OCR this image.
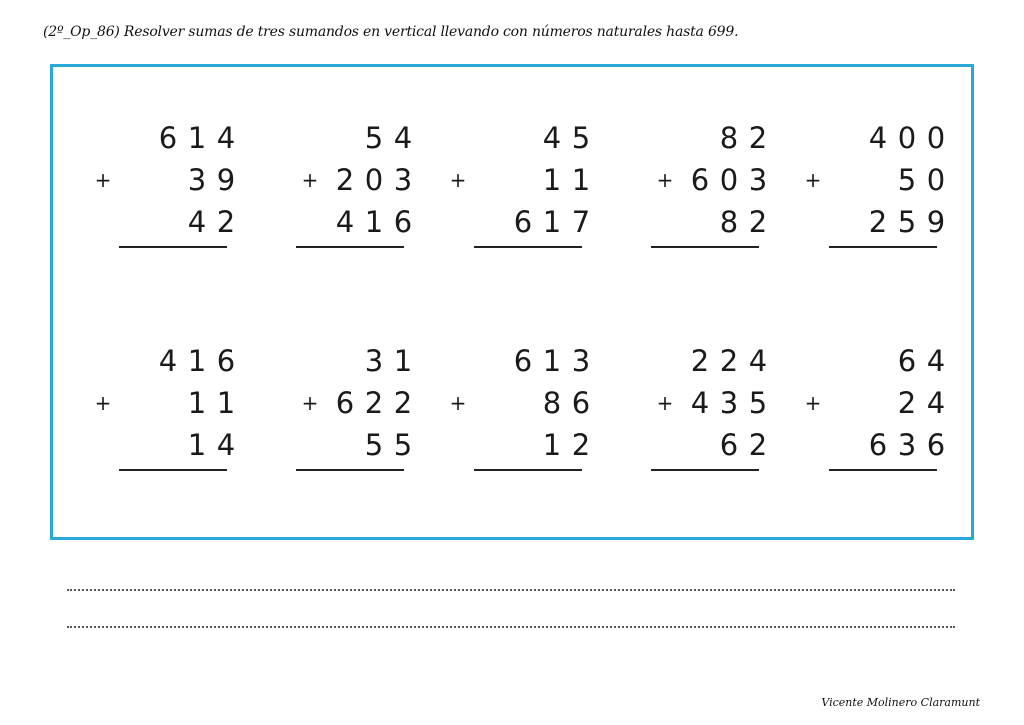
(2º_Op_86) Resolver sumas de tres sumandos en vertical llevando con números naturales hasta 699.
6 1 4
+	3 9
4 2
5 4
+ 2 0 3
4 1 6
4 5
+	1 1
6 1 7
8 2
+ 6 0 3
8 2
4 0 0
+	5 0
2 5 9
4 1 6
+	1 1
1 4
3 1
+ 6 2 2
5 5
6 1 3
+	8 6
1 2
2 2 4
+ 4 3 5
6 2
6 4
+	2 4
6 3 6
Vicente Molinero Claramunt
